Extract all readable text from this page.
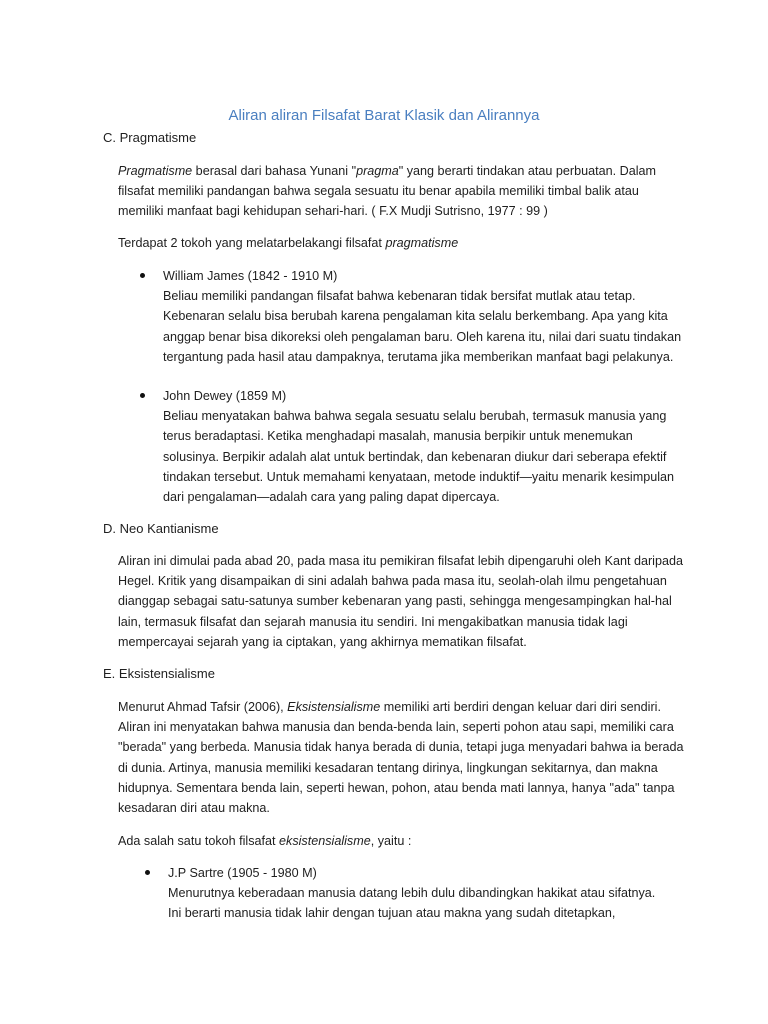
Aliran aliran Filsafat Barat Klasik dan Alirannya
C. Pragmatisme

Pragmatisme berasal dari bahasa Yunani "pragma" yang berarti tindakan atau perbuatan. Dalam filsafat memiliki pandangan bahwa segala sesuatu itu benar apabila memiliki timbal balik atau memiliki manfaat bagi kehidupan sehari-hari. ( F.X Mudji Sutrisno, 1977 : 99 )

Terdapat 2 tokoh yang melatarbelakangi filsafat pragmatisme

William James (1842 - 1910 M)
Beliau memiliki pandangan filsafat bahwa kebenaran tidak bersifat mutlak atau tetap. Kebenaran selalu bisa berubah karena pengalaman kita selalu berkembang. Apa yang kita anggap benar bisa dikoreksi oleh pengalaman baru. Oleh karena itu, nilai dari suatu tindakan tergantung pada hasil atau dampaknya, terutama jika memberikan manfaat bagi pelakunya.

John Dewey (1859 M)
Beliau menyatakan bahwa bahwa segala sesuatu selalu berubah, termasuk manusia yang terus beradaptasi. Ketika menghadapi masalah, manusia berpikir untuk menemukan solusinya. Berpikir adalah alat untuk bertindak, dan kebenaran diukur dari seberapa efektif tindakan tersebut. Untuk memahami kenyataan, metode induktif—yaitu menarik kesimpulan dari pengalaman—adalah cara yang paling dapat dipercaya.

D. Neo Kantianisme

Aliran ini dimulai pada abad 20, pada masa itu pemikiran filsafat lebih dipengaruhi oleh Kant daripada Hegel. Kritik yang disampaikan di sini adalah bahwa pada masa itu, seolah-olah ilmu pengetahuan dianggap sebagai satu-satunya sumber kebenaran yang pasti, sehingga mengesampingkan hal-hal lain, termasuk filsafat dan sejarah manusia itu sendiri. Ini mengakibatkan manusia tidak lagi mempercayai sejarah yang ia ciptakan, yang akhirnya mematikan filsafat.

E. Eksistensialisme

Menurut Ahmad Tafsir (2006), Eksistensialisme memiliki arti berdiri dengan keluar dari diri sendiri. Aliran ini menyatakan bahwa manusia dan benda-benda lain, seperti pohon atau sapi, memiliki cara "berada" yang berbeda. Manusia tidak hanya berada di dunia, tetapi juga menyadari bahwa ia berada di dunia. Artinya, manusia memiliki kesadaran tentang dirinya, lingkungan sekitarnya, dan makna hidupnya. Sementara benda lain, seperti hewan, pohon, atau benda mati lannya, hanya "ada" tanpa kesadaran diri atau makna.

Ada salah satu tokoh filsafat eksistensialisme, yaitu :

J.P Sartre (1905 - 1980 M)
Menurutnya keberadaan manusia datang lebih dulu dibandingkan hakikat atau sifatnya. Ini berarti manusia tidak lahir dengan tujuan atau makna yang sudah ditetapkan,
